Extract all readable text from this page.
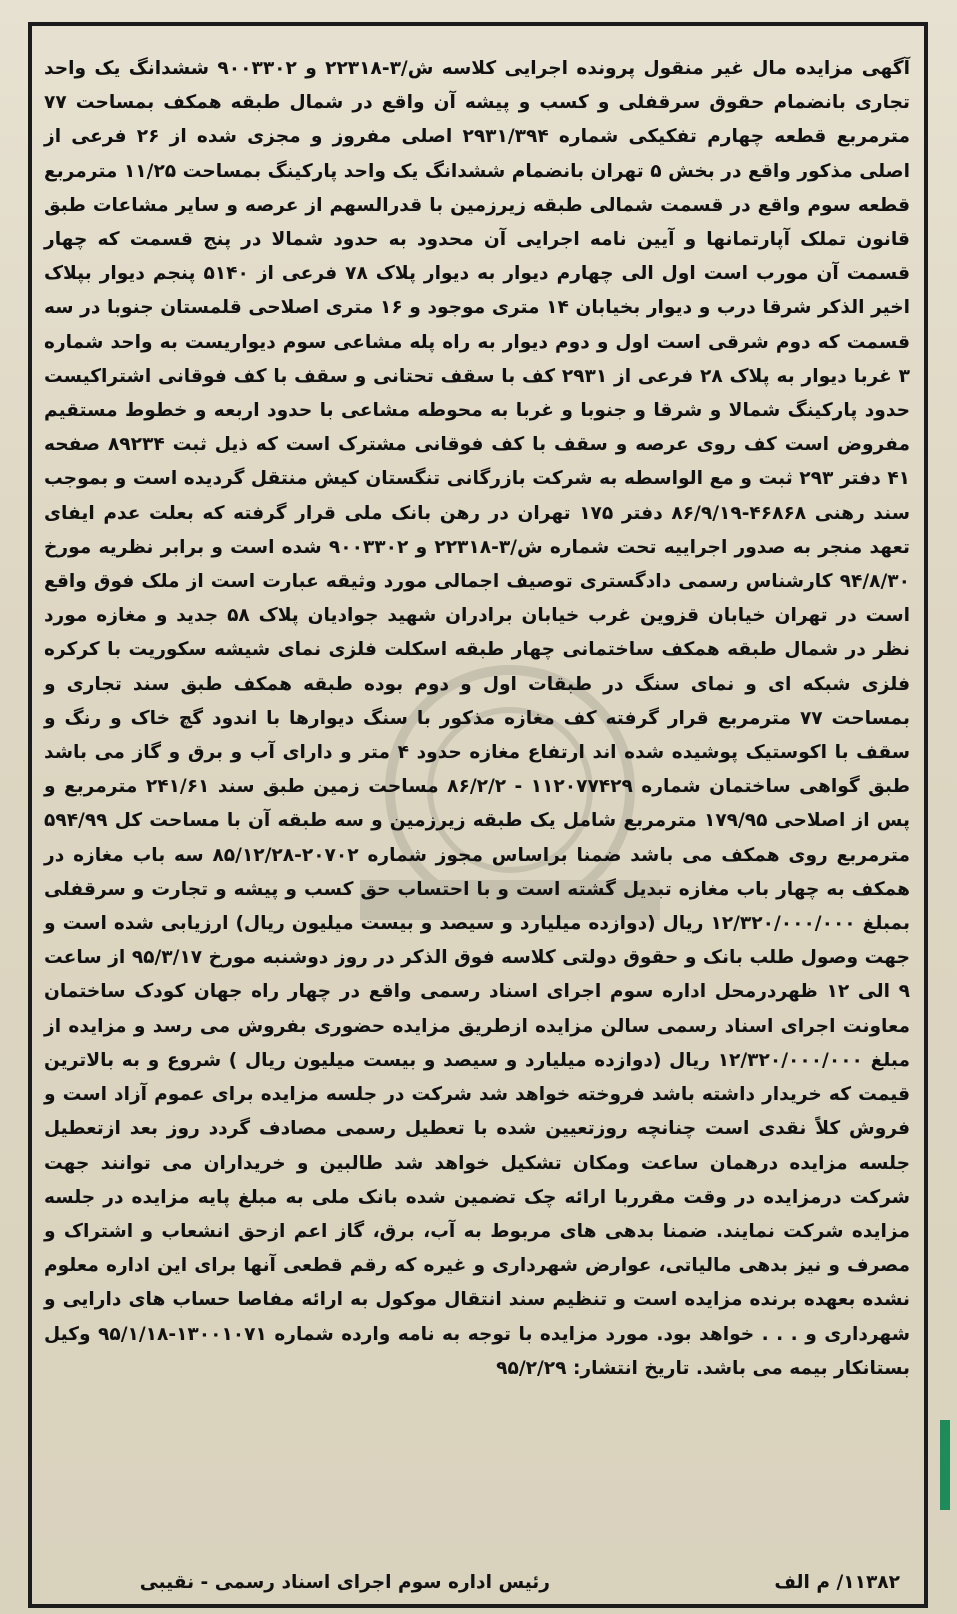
آگهی مزایده مال غیر منقول پرونده اجرایی کلاسه ش/۳-۲۲۳۱۸ و ۹۰۰۳۳۰۲ ششدانگ یک واحد تجاری بانضمام حقوق سرقفلی و کسب و پیشه آن واقع در شمال طبقه همکف بمساحت ۷۷ مترمربع قطعه چهارم تفکیکی شماره ۲۹۳۱/۳۹۴ اصلی مفروز و مجزی شده از ۲۶ فرعی از اصلی مذکور واقع در بخش ۵ تهران بانضمام ششدانگ یک واحد پارکینگ بمساحت ۱۱/۲۵ مترمربع قطعه سوم واقع در قسمت شمالی طبقه زیرزمین با قدرالسهم از عرصه و سایر مشاعات طبق قانون تملک آپارتمانها و آیین نامه اجرایی آن محدود به حدود شمالا در پنج قسمت که چهار قسمت آن مورب است اول الی چهارم دیوار به دیوار پلاک ۷۸ فرعی از ۵۱۴۰ پنجم دیوار بپلاک اخیر الذکر شرقا درب و دیوار بخیابان ۱۴ متری موجود و ۱۶ متری اصلاحی قلمستان جنوبا در سه قسمت که دوم شرقی است اول و دوم دیوار به راه پله مشاعی سوم دیواریست به واحد شماره ۳ غربا دیوار به پلاک ۲۸ فرعی از ۲۹۳۱ کف با سقف تحتانی و سقف با کف فوقانی اشتراکیست حدود پارکینگ شمالا و شرقا و جنوبا و غربا به محوطه مشاعی با حدود اربعه و خطوط مستقیم مفروض است کف روی عرصه و سقف با کف فوقانی مشترک است که ذیل ثبت ۸۹۲۳۴ صفحه ۴۱ دفتر ۲۹۳ ثبت و مع الواسطه به شرکت بازرگانی تنگستان کیش منتقل گردیده است و بموجب سند رهنی ۴۶۸۶۸-۸۶/۹/۱۹ دفتر ۱۷۵ تهران در رهن بانک ملی قرار گرفته که بعلت عدم ایفای تعهد منجر به صدور اجراییه تحت شماره ش/۳-۲۲۳۱۸ و ۹۰۰۳۳۰۲ شده است و برابر نظریه مورخ ۹۴/۸/۳۰ کارشناس رسمی دادگستری توصیف اجمالی مورد وثیقه عبارت است از ملک فوق واقع است در تهران خیابان قزوین غرب خیابان برادران شهید جوادیان پلاک ۵۸ جدید و مغازه مورد نظر در شمال طبقه همکف ساختمانی چهار طبقه اسکلت فلزی نمای شیشه سکوریت با کرکره فلزی شبکه ای و نمای سنگ در طبقات اول و دوم بوده طبقه همکف طبق سند تجاری و بمساحت ۷۷ مترمربع قرار گرفته کف مغازه مذکور با سنگ دیوارها با اندود گچ خاک و رنگ و سقف با اکوستیک پوشیده شده اند ارتفاع مغازه حدود ۴ متر و دارای آب و برق و گاز می باشد طبق گواهی ساختمان شماره ۱۱۲۰۷۷۴۲۹ - ۸۶/۲/۲ مساحت زمین طبق سند ۲۴۱/۶۱ مترمربع و پس از اصلاحی ۱۷۹/۹۵ مترمربع شامل یک طبقه زیرزمین و سه طبقه آن با مساحت کل ۵۹۴/۹۹ مترمربع روی همکف می باشد ضمنا براساس مجوز شماره ۲۰۷۰۲-۸۵/۱۲/۲۸ سه باب مغازه در همکف به چهار باب مغازه تبدیل گشته است و با احتساب حق کسب و پیشه و تجارت و سرقفلی بمبلغ ۱۲/۳۲۰/۰۰۰/۰۰۰ ریال (دوازده میلیارد و سیصد و بیست میلیون ریال) ارزیابی شده است و جهت وصول طلب بانک و حقوق دولتی کلاسه فوق الذکر در روز دوشنبه مورخ ۹۵/۳/۱۷ از ساعت ۹ الی ۱۲ ظهردرمحل اداره سوم اجرای اسناد رسمی واقع در چهار راه جهان کودک ساختمان معاونت اجرای اسناد رسمی سالن مزایده ازطریق مزایده حضوری بفروش می رسد و مزایده از مبلغ ۱۲/۳۲۰/۰۰۰/۰۰۰ ریال (دوازده میلیارد و سیصد و بیست میلیون ریال ) شروع و به بالاترین قیمت که خریدار داشته باشد فروخته خواهد شد شرکت در جلسه مزایده برای عموم آزاد است و فروش کلاً نقدی است چنانچه روزتعیین شده با تعطیل رسمی مصادف گردد روز بعد ازتعطیل جلسه مزایده درهمان ساعت ومکان تشکیل خواهد شد طالبین و خریداران می توانند جهت شرکت درمزایده در وقت مقرربا ارائه چک تضمین شده بانک ملی به مبلغ پایه مزایده در جلسه مزایده شرکت نمایند. ضمنا بدهی های مربوط به آب، برق، گاز اعم ازحق انشعاب و اشتراک و مصرف و نیز بدهی مالیاتی، عوارض شهرداری و غیره که رقم قطعی آنها برای این اداره معلوم نشده بعهده برنده مزایده است و تنظیم سند انتقال موکول به ارائه مفاصا حساب های دارایی و شهرداری و . . . خواهد بود. مورد مزایده با توجه به نامه وارده شماره ۱۳۰۰۱۰۷۱-۹۵/۱/۱۸ وکیل بستانکار بیمه می باشد. تاریخ انتشار: ۹۵/۲/۲۹
۱۱۳۸۲/ م الف
رئیس اداره سوم اجرای اسناد رسمی - نقیبی
